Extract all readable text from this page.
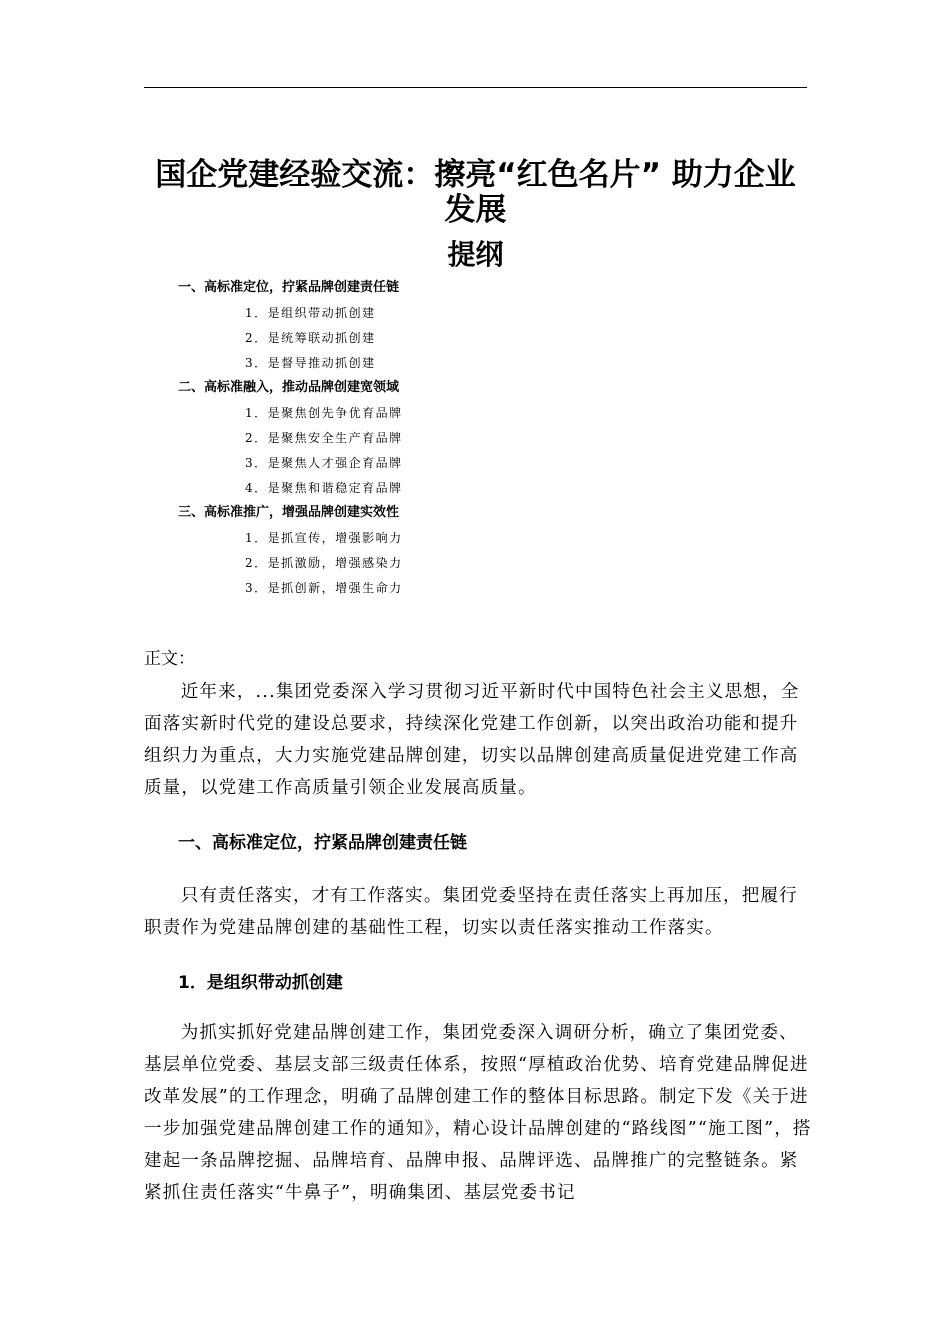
国企党建经验交流：擦亮“红色名片” 助力企业发展
提纲
一、高标准定位，拧紧品牌创建责任链
1．是组织带动抓创建
2．是统筹联动抓创建
3．是督导推动抓创建
二、高标准融入，推动品牌创建宽领域
1．是聚焦创先争优育品牌
2．是聚焦安全生产育品牌
3．是聚焦人才强企育品牌
4．是聚焦和谐稳定育品牌
三、高标准推广，增强品牌创建实效性
1．是抓宣传，增强影响力
2．是抓激励，增强感染力
3．是抓创新，增强生命力
正文：

近年来，...集团党委深入学习贯彻习近平新时代中国特色社会主义思想，全面落实新时代党的建设总要求，持续深化党建工作创新，以突出政治功能和提升组织力为重点，大力实施党建品牌创建，切实以品牌创建高质量促进党建工作高质量，以党建工作高质量引领企业发展高质量。

一、高标准定位，拧紧品牌创建责任链

只有责任落实，才有工作落实。集团党委坚持在责任落实上再加压，把履行职责作为党建品牌创建的基础性工程，切实以责任落实推动工作落实。

1．是组织带动抓创建

为抓实抓好党建品牌创建工作，集团党委深入调研分析，确立了集团党委、基层单位党委、基层支部三级责任体系，按照“厚植政治优势、培育党建品牌促进改革发展”的工作理念，明确了品牌创建工作的整体目标思路。制定下发《关于进一步加强党建品牌创建工作的通知》，精心设计品牌创建的“路线图”“施工图”，搭建起一条品牌挖掘、品牌培育、品牌申报、品牌评选、品牌推广的完整链条。紧紧抓住责任落实“牛鼻子”，明确集团、基层党委书记
